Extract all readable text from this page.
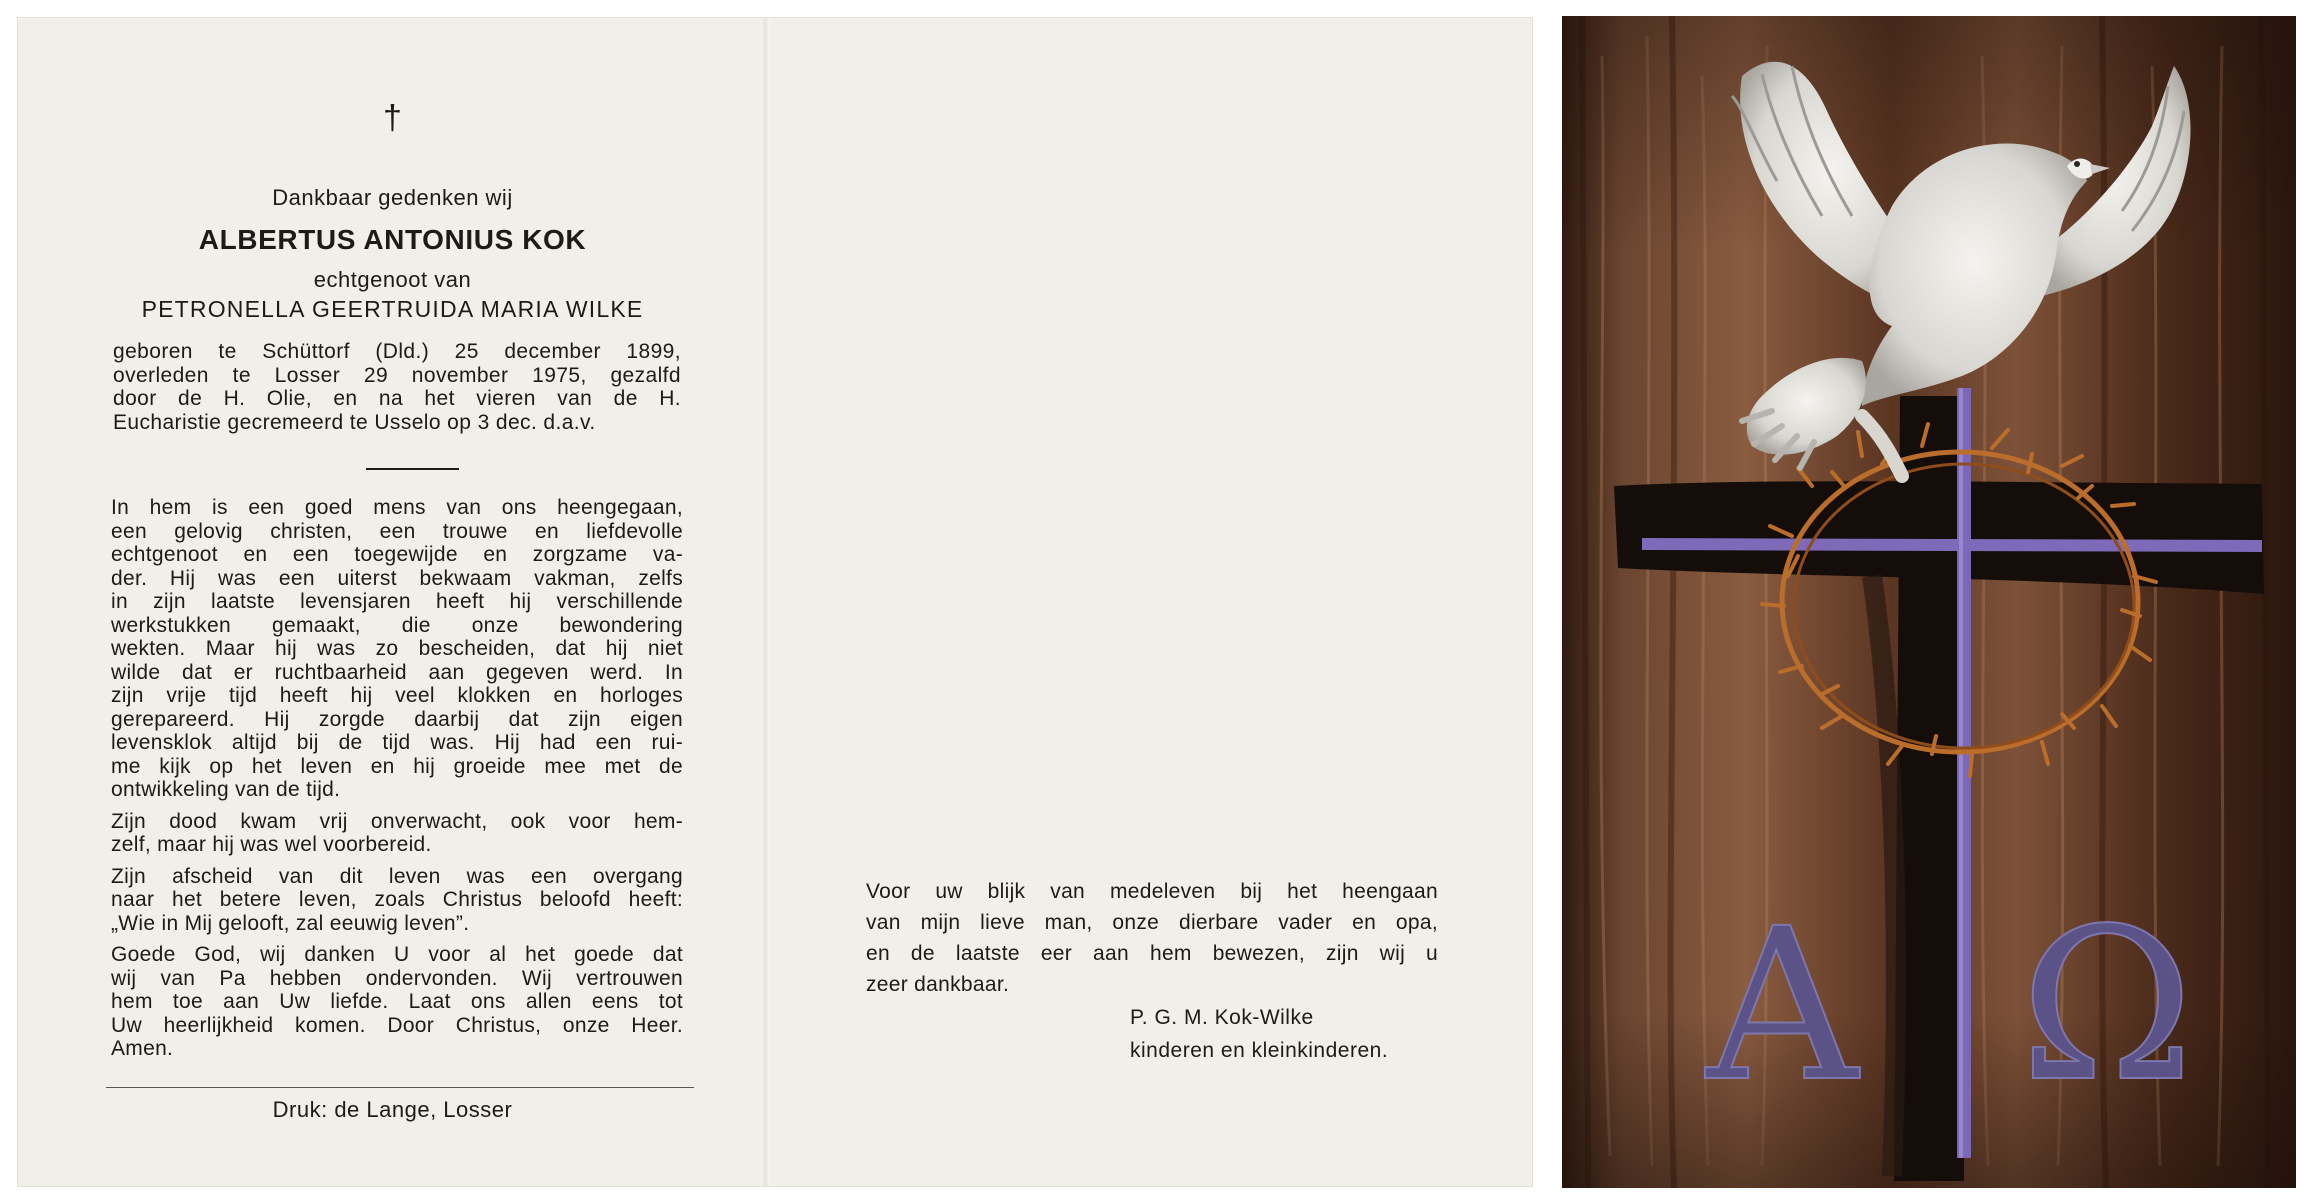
†
Dankbaar gedenken wij
ALBERTUS ANTONIUS KOK
echtgenoot van
PETRONELLA GEERTRUIDA MARIA WILKE
geboren te Schüttorf (Dld.) 25 december 1899,
overleden te Losser 29 november 1975, gezalfd
door de H. Olie, en na het vieren van de H.
Eucharistie gecremeerd te Usselo op 3 dec. d.a.v.

In hem is een goed mens van ons heengegaan,
een gelovig christen, een trouwe en liefdevolle
echtgenoot en een toegewijde en zorgzame va-
der. Hij was een uiterst bekwaam vakman, zelfs
in zijn laatste levensjaren heeft hij verschillende
werkstukken gemaakt, die onze bewondering
wekten. Maar hij was zo bescheiden, dat hij niet
wilde dat er ruchtbaarheid aan gegeven werd. In
zijn vrije tijd heeft hij veel klokken en horloges
gerepareerd. Hij zorgde daarbij dat zijn eigen
levensklok altijd bij de tijd was. Hij had een rui-
me kijk op het leven en hij groeide mee met de
ontwikkeling van de tijd.

Zijn dood kwam vrij onverwacht, ook voor hem-
zelf, maar hij was wel voorbereid.

Zijn afscheid van dit leven was een overgang
naar het betere leven, zoals Christus beloofd heeft:
„Wie in Mij gelooft, zal eeuwig leven”.

Goede God, wij danken U voor al het goede dat
wij van Pa hebben ondervonden. Wij vertrouwen
hem toe aan Uw liefde. Laat ons allen eens tot
Uw heerlijkheid komen. Door Christus, onze Heer.
Amen.

Druk: de Lange, Losser
Voor uw blijk van medeleven bij het heengaan
van mijn lieve man, onze dierbare vader en opa,
en de laatste eer aan hem bewezen, zijn wij u
zeer dankbaar.
P. G. M. Kok-Wilke
kinderen en kleinkinderen. A Ω
